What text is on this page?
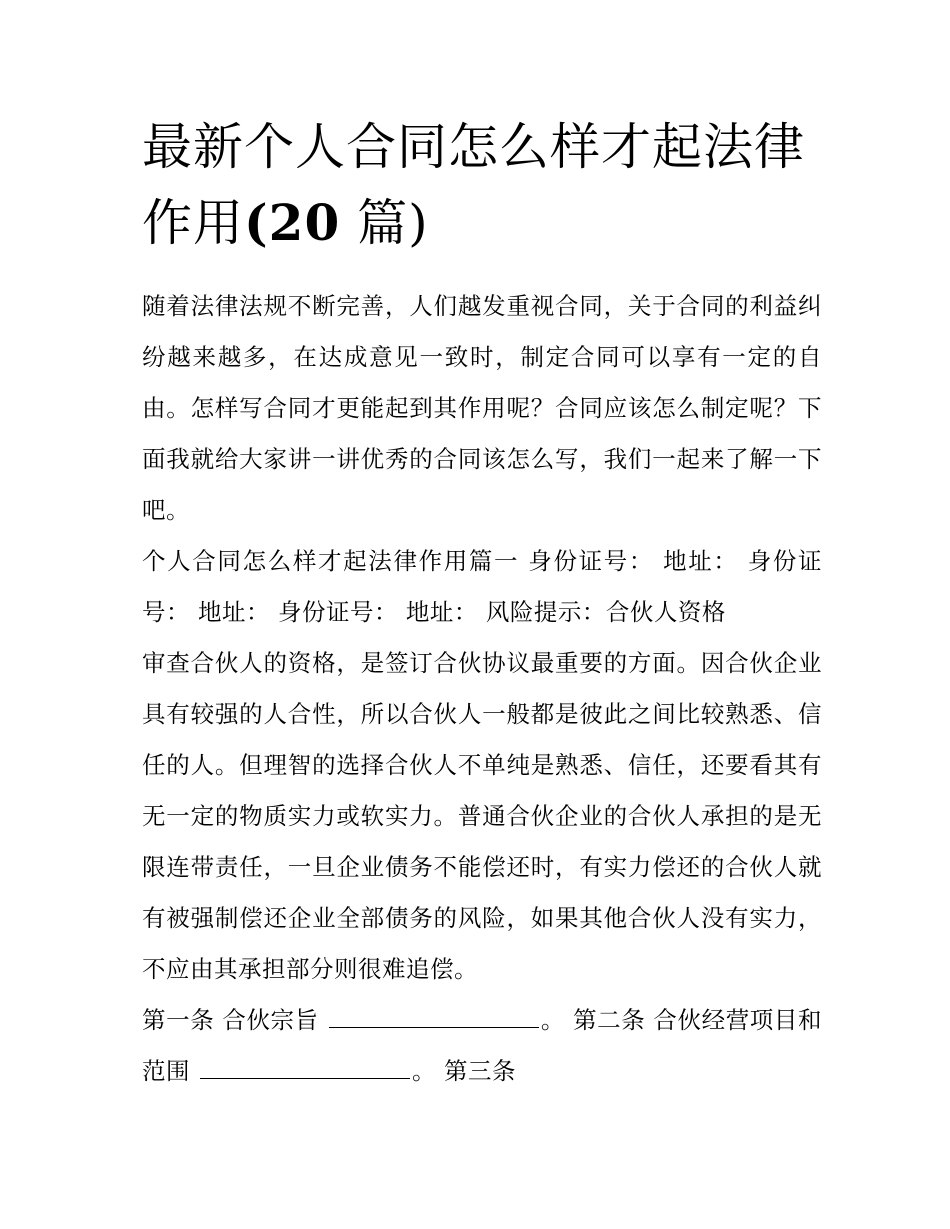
最新个人合同怎么样才起法律作用(20 篇)

随着法律法规不断完善，人们越发重视合同，关于合同的利益纠纷越来越多，在达成意见一致时，制定合同可以享有一定的自由。怎样写合同才更能起到其作用呢？合同应该怎么制定呢？下面我就给大家讲一讲优秀的合同该怎么写，我们一起来了解一下吧。

个人合同怎么样才起法律作用篇一 身份证号： 地址： 身份证号： 地址： 身份证号： 地址： 风险提示：合伙人资格

审查合伙人的资格，是签订合伙协议最重要的方面。因合伙企业具有较强的人合性，所以合伙人一般都是彼此之间比较熟悉、信任的人。但理智的选择合伙人不单纯是熟悉、信任，还要看其有无一定的物质实力或软实力。普通合伙企业的合伙人承担的是无限连带责任，一旦企业债务不能偿还时，有实力偿还的合伙人就有被强制偿还企业全部债务的风险，如果其他合伙人没有实力，不应由其承担部分则很难追偿。

第一条 合伙宗旨	。 第二条 合伙经营项目和范围	。 第三条
